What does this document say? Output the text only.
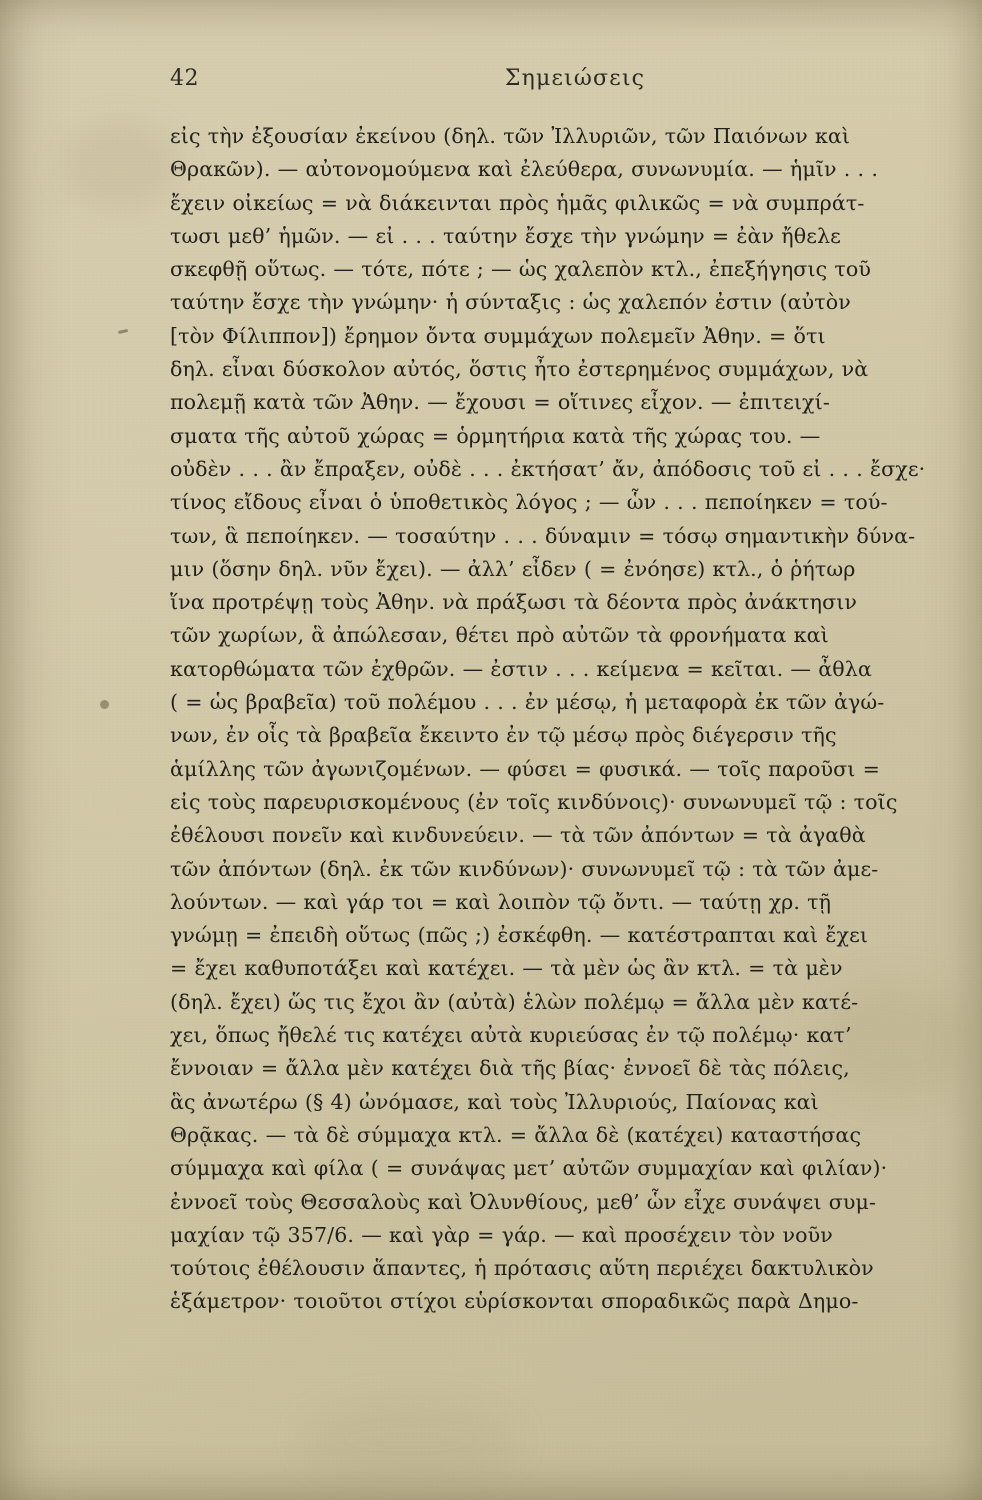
42	Σημειώσεις
εἰς τὴν ἐξουσίαν ἐκείνου (δηλ. τῶν Ἰλλυριῶν, τῶν Παιόνων καὶ
Θρακῶν). — αὐτονομούμενα καὶ ἐλεύθερα, συνωνυμία. — ἡμῖν . . .
ἔχειν οἰκείως = νὰ διάκεινται πρὸς ἡμᾶς φιλικῶς = νὰ συμπράτ-
τωσι μεθ’ ἡμῶν. — εἰ . . . ταύτην ἔσχε τὴν γνώμην = ἐὰν ἤθελε
σκεφθῇ οὕτως. — τότε, πότε ; — ὡς χαλεπὸν κτλ., ἐπεξήγησις τοῦ
ταύτην ἔσχε τὴν γνώμην· ἡ σύνταξις : ὡς χαλεπόν ἐστιν (αὐτὸν
[τὸν Φίλιππον]) ἔρημον ὄντα συμμάχων πολεμεῖν Ἀθην. = ὅτι
δηλ. εἶναι δύσκολον αὐτός, ὅστις ἦτο ἐστερημένος συμμάχων, νὰ
πολεμῇ κατὰ τῶν Ἀθην. — ἔχουσι = οἵτινες εἶχον. — ἐπιτειχί-
σματα τῆς αὐτοῦ χώρας = ὁρμητήρια κατὰ τῆς χώρας του. —
οὐδὲν . . . ἂν ἔπραξεν, οὐδὲ . . . ἐκτήσατ’ ἄν, ἀπόδοσις τοῦ εἰ . . . ἔσχε·
τίνος εἴδους εἶναι ὁ ὑποθετικὸς λόγος ; — ὧν . . . πεποίηκεν = τού-
των, ἃ πεποίηκεν. — τοσαύτην . . . δύναμιν = τόσῳ σημαντικὴν δύνα-
μιν (ὅσην δηλ. νῦν ἔχει). — ἀλλ’ εἶδεν ( = ἐνόησε) κτλ., ὁ ῥήτωρ
ἵνα προτρέψῃ τοὺς Ἀθην. νὰ πράξωσι τὰ δέοντα πρὸς ἀνάκτησιν
τῶν χωρίων, ἃ ἀπώλεσαν, θέτει πρὸ αὐτῶν τὰ φρονήματα καὶ
κατορθώματα τῶν ἐχθρῶν. — ἐστιν . . . κείμενα = κεῖται. — ἆθλα
( = ὡς βραβεῖα) τοῦ πολέμου . . . ἐν μέσῳ, ἡ μεταφορὰ ἐκ τῶν ἀγώ-
νων, ἐν οἷς τὰ βραβεῖα ἔκειντο ἐν τῷ μέσῳ πρὸς διέγερσιν τῆς
ἁμίλλης τῶν ἀγωνιζομένων. — φύσει = φυσικά. — τοῖς παροῦσι =
εἰς τοὺς παρευρισκομένους (ἐν τοῖς κινδύνοις)· συνωνυμεῖ τῷ : τοῖς
ἐθέλουσι πονεῖν καὶ κινδυνεύειν. — τὰ τῶν ἀπόντων = τὰ ἀγαθὰ
τῶν ἀπόντων (δηλ. ἐκ τῶν κινδύνων)· συνωνυμεῖ τῷ : τὰ τῶν ἀμε-
λούντων. — καὶ γάρ τοι = καὶ λοιπὸν τῷ ὄντι. — ταύτῃ χρ. τῇ
γνώμῃ = ἐπειδὴ οὕτως (πῶς ;) ἐσκέφθη. — κατέστραπται καὶ ἔχει
= ἔχει καθυποτάξει καὶ κατέχει. — τὰ μὲν ὡς ἂν κτλ. = τὰ μὲν
(δηλ. ἔχει) ὥς τις ἔχοι ἂν (αὐτὰ) ἑλὼν πολέμῳ = ἄλλα μὲν κατέ-
χει, ὅπως ἤθελέ τις κατέχει αὐτὰ κυριεύσας ἐν τῷ πολέμῳ· κατ’
ἔννοιαν = ἄλλα μὲν κατέχει διὰ τῆς βίας· ἐννοεῖ δὲ τὰς πόλεις,
ἃς ἀνωτέρω (§ 4) ὠνόμασε, καὶ τοὺς Ἰλλυριούς, Παίονας καὶ
Θρᾷκας. — τὰ δὲ σύμμαχα κτλ. = ἄλλα δὲ (κατέχει) καταστήσας
σύμμαχα καὶ φίλα ( = συνάψας μετ’ αὐτῶν συμμαχίαν καὶ φιλίαν)·
ἐννοεῖ τοὺς Θεσσαλοὺς καὶ Ὀλυνθίους, μεθ’ ὧν εἶχε συνάψει συμ-
μαχίαν τῷ 357/6. — καὶ γὰρ = γάρ. — καὶ προσέχειν τὸν νοῦν
τούτοις ἐθέλουσιν ἅπαντες, ἡ πρότασις αὕτη περιέχει δακτυλικὸν
ἑξάμετρον· τοιοῦτοι στίχοι εὑρίσκονται σποραδικῶς παρὰ Δημο-
